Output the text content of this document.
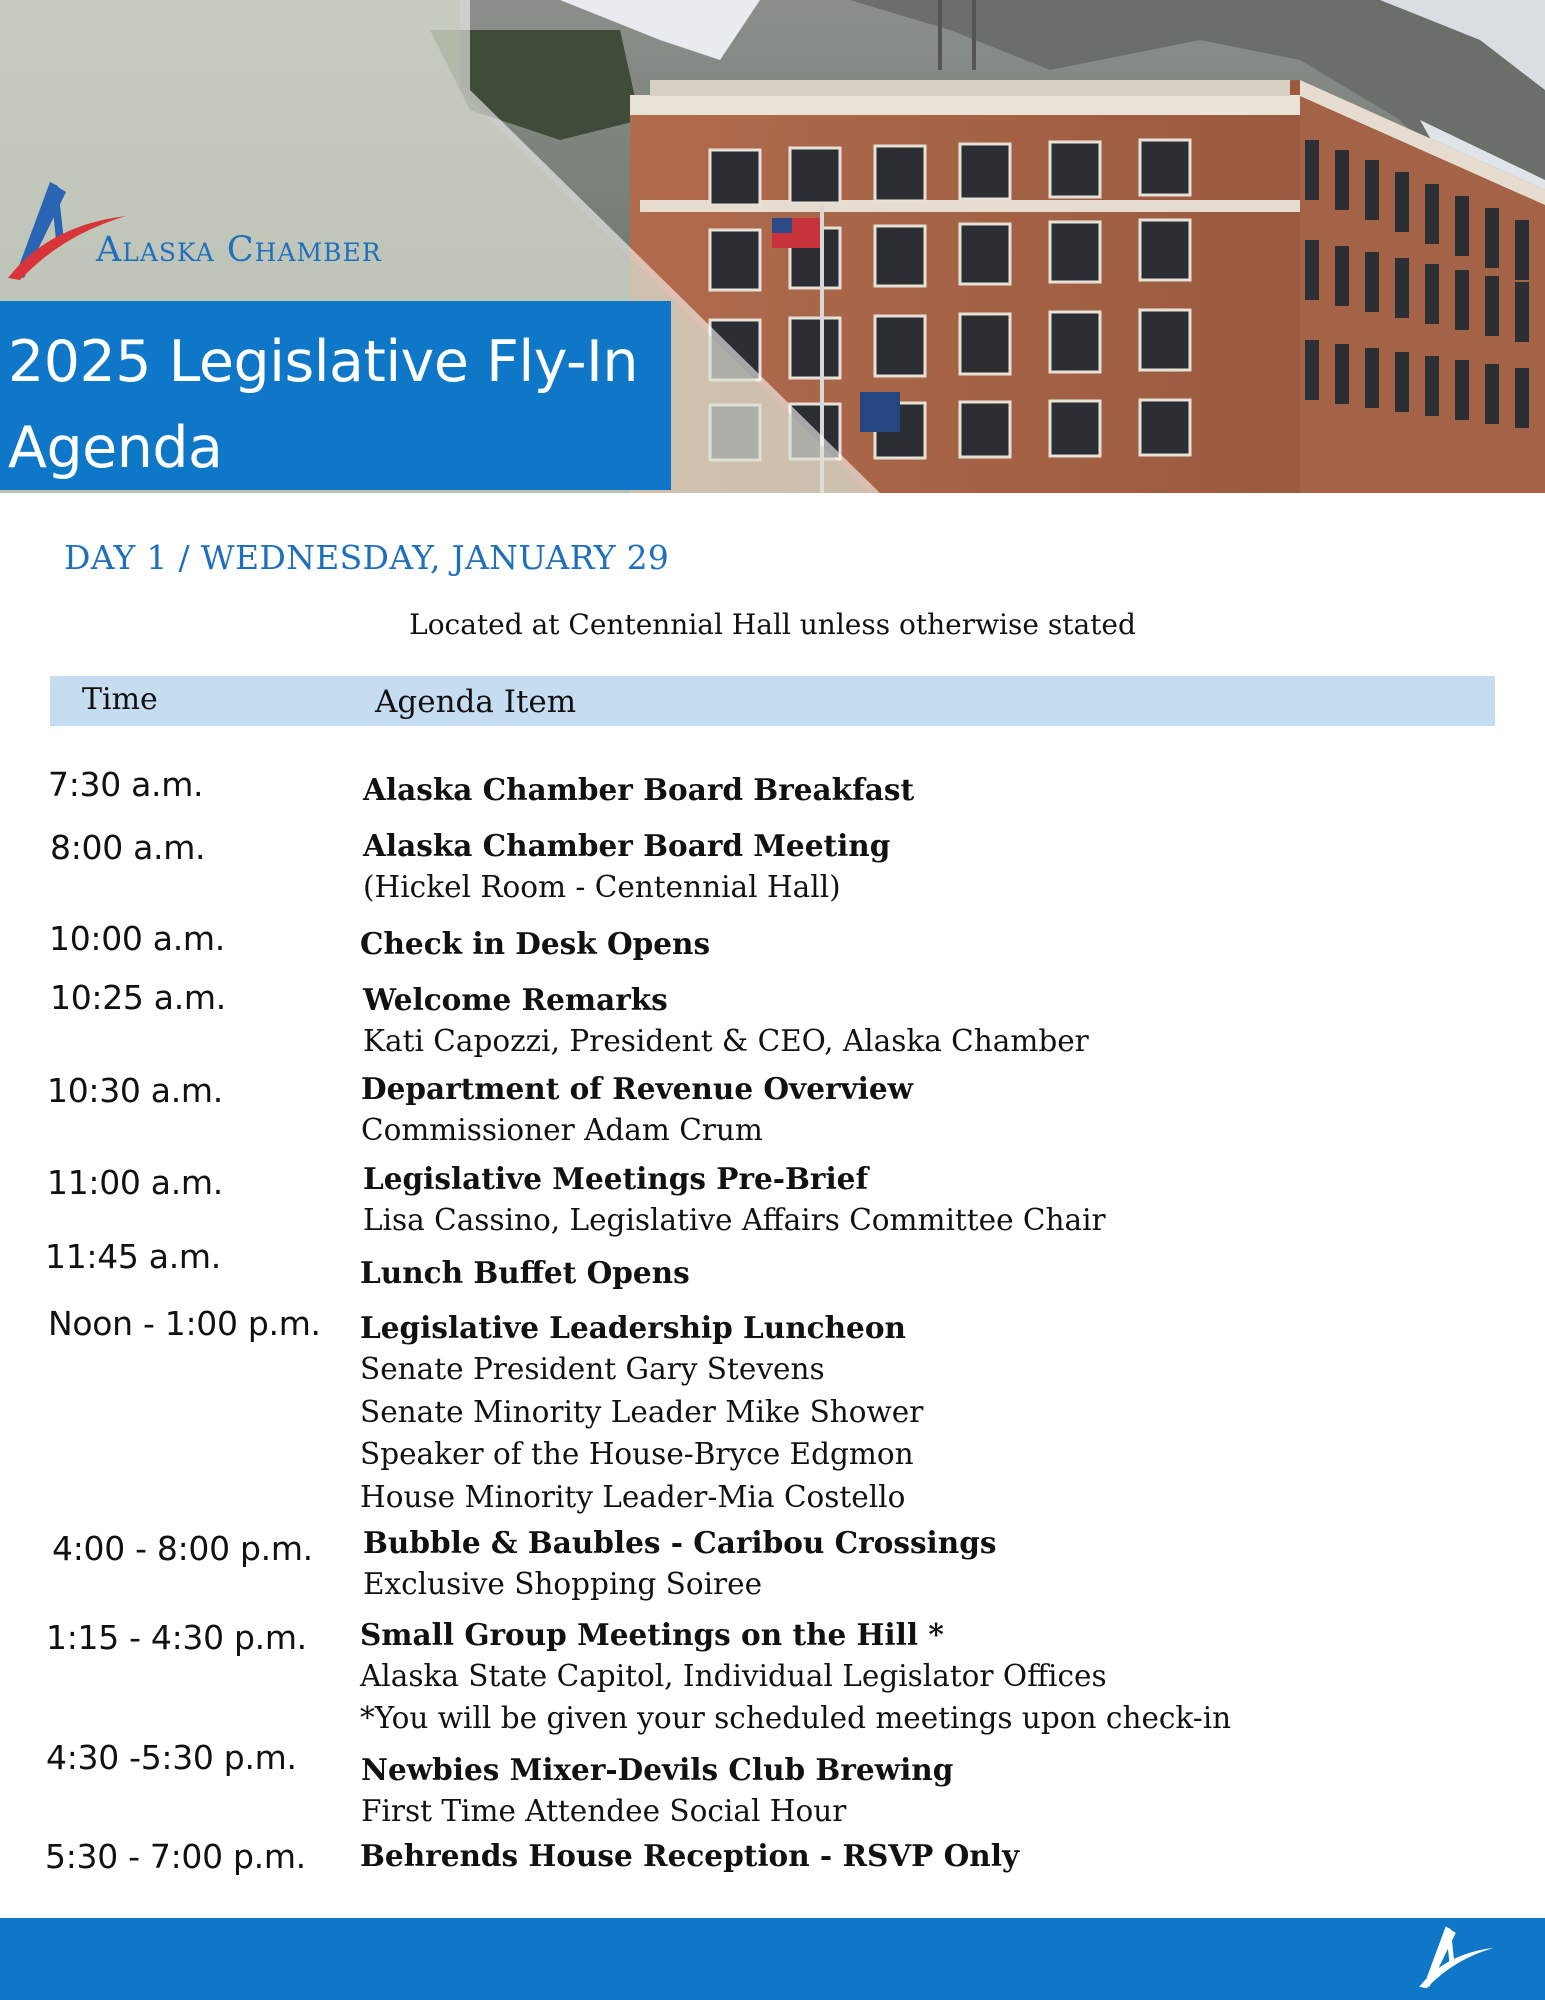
Alaska Chamber
2025 Legislative Fly-In
Agenda
DAY 1 / WEDNESDAY, JANUARY 29
Located at Centennial Hall unless otherwise stated
Time	Agenda Item
7:30 a.m.	Alaska Chamber Board Breakfast
8:00 a.m.	Alaska Chamber Board Meeting
(Hickel Room - Centennial Hall)
10:00 a.m.	Check in Desk Opens
10:25 a.m.	Welcome Remarks
Kati Capozzi, President & CEO, Alaska Chamber
10:30 a.m.	Department of Revenue Overview
Commissioner Adam Crum
11:00 a.m.	Legislative Meetings Pre-Brief
Lisa Cassino, Legislative Affairs Committee Chair
11:45 a.m.	Lunch Buffet Opens
Noon - 1:00 p.m. Legislative Leadership Luncheon
Senate President Gary Stevens
Senate Minority Leader Mike Shower
Speaker of the House-Bryce Edgmon
House Minority Leader-Mia Costello
4:00 - 8:00 p.m. Bubble & Baubles - Caribou Crossings
Exclusive Shopping Soiree
1:15 - 4:30 p.m. Small Group Meetings on the Hill *
Alaska State Capitol, Individual Legislator Offices
*You will be given your scheduled meetings upon check-in
4:30 -5:30 p.m. Newbies Mixer-Devils Club Brewing
First Time Attendee Social Hour
5:30 - 7:00 p.m. Behrends House Reception - RSVP Only
